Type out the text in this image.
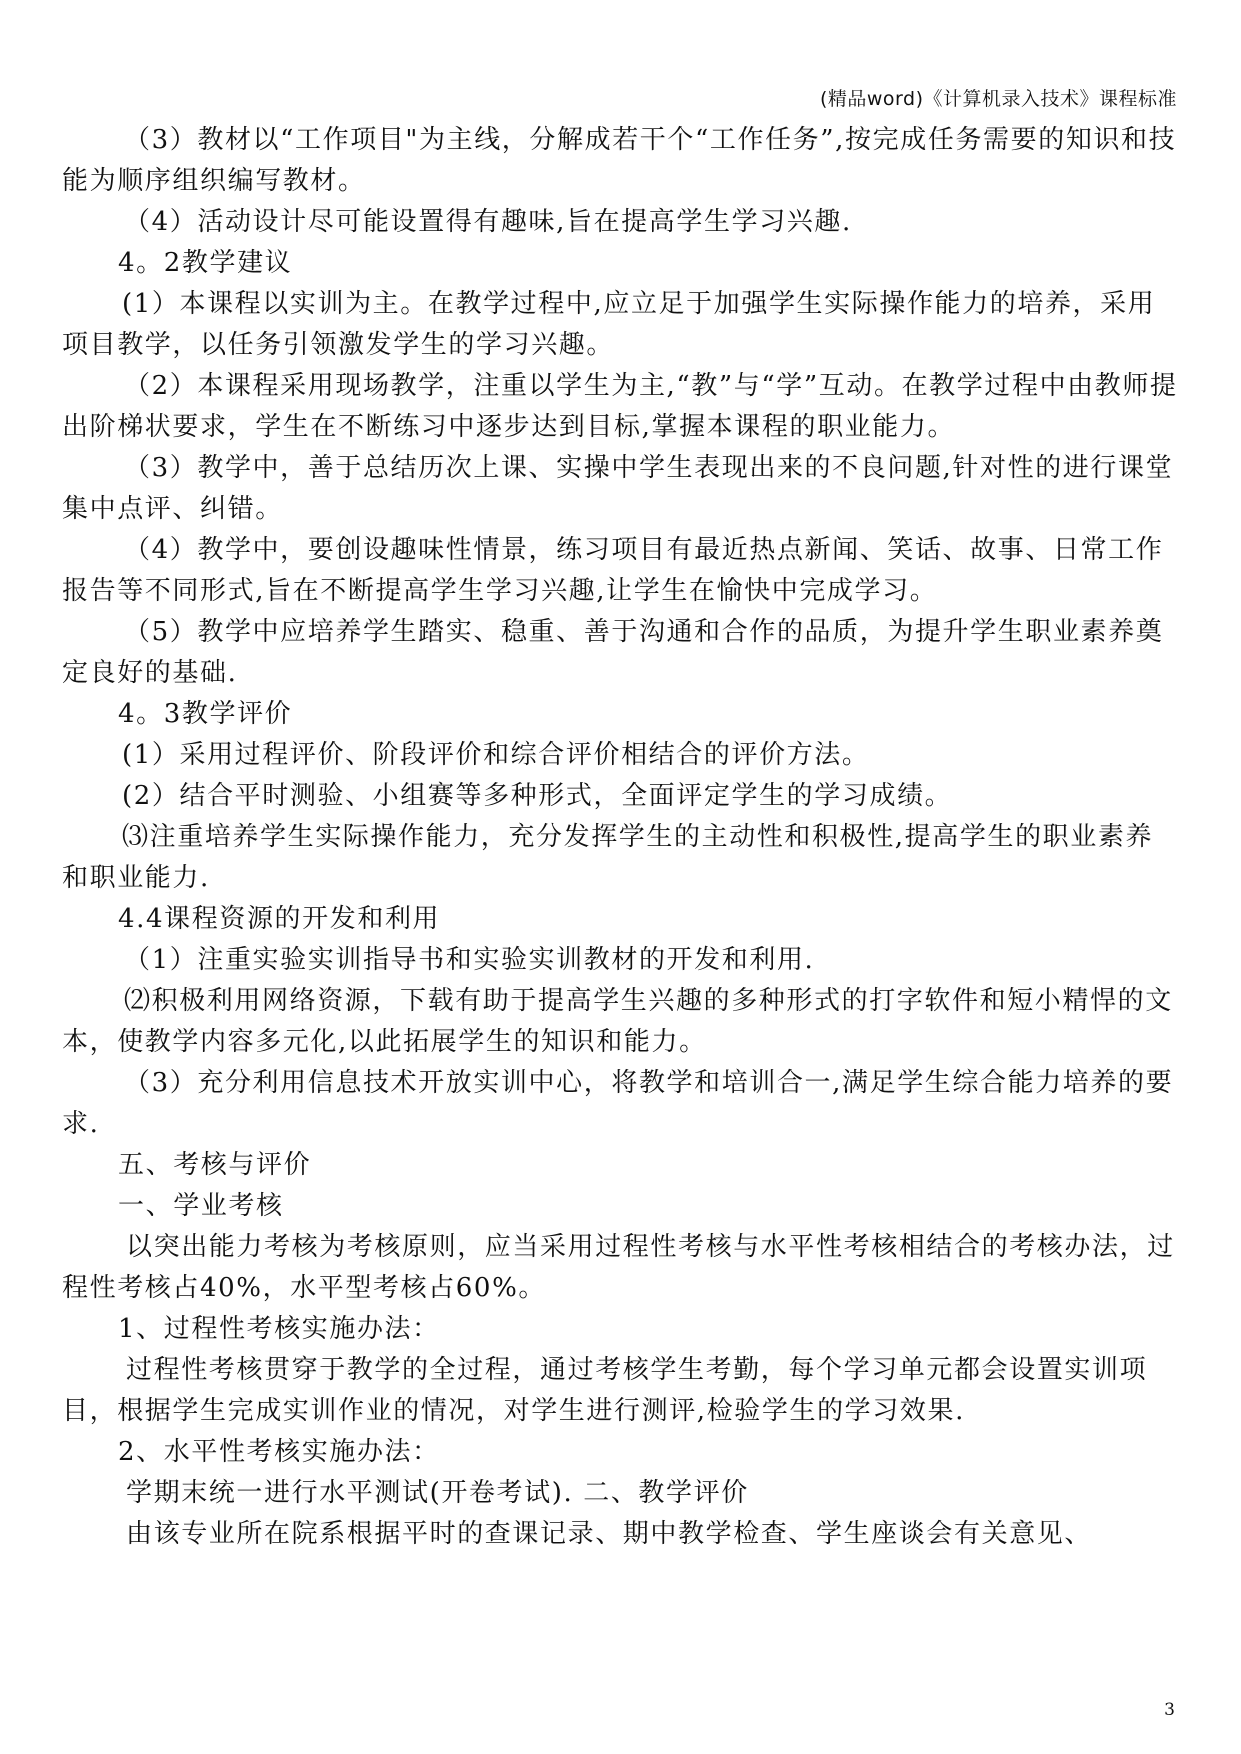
(精品word)《计算机录入技术》课程标准

（3）教材以“工作项目"为主线，分解成若干个“工作任务”,按完成任务需要的知识和技能为顺序组织编写教材。

（4）活动设计尽可能设置得有趣味,旨在提高学生学习兴趣.

4。2教学建议

(1）本课程以实训为主。在教学过程中,应立足于加强学生实际操作能力的培养，采用项目教学，以任务引领激发学生的学习兴趣。

（2）本课程采用现场教学，注重以学生为主,“教”与“学”互动。在教学过程中由教师提出阶梯状要求，学生在不断练习中逐步达到目标,掌握本课程的职业能力。

（3）教学中，善于总结历次上课、实操中学生表现出来的不良问题,针对性的进行课堂集中点评、纠错。

（4）教学中，要创设趣味性情景，练习项目有最近热点新闻、笑话、故事、日常工作报告等不同形式,旨在不断提高学生学习兴趣,让学生在愉快中完成学习。

（5）教学中应培养学生踏实、稳重、善于沟通和合作的品质，为提升学生职业素养奠定良好的基础.

4。3教学评价

(1）采用过程评价、阶段评价和综合评价相结合的评价方法。

(2）结合平时测验、小组赛等多种形式，全面评定学生的学习成绩。

⑶注重培养学生实际操作能力，充分发挥学生的主动性和积极性,提高学生的职业素养和职业能力.

4.4课程资源的开发和利用

（1）注重实验实训指导书和实验实训教材的开发和利用.

⑵积极利用网络资源，下载有助于提高学生兴趣的多种形式的打字软件和短小精悍的文本，使教学内容多元化,以此拓展学生的知识和能力。

（3）充分利用信息技术开放实训中心，将教学和培训合一,满足学生综合能力培养的要求.

五、考核与评价

一、学业考核

以突出能力考核为考核原则，应当采用过程性考核与水平性考核相结合的考核办法，过程性考核占40%，水平型考核占60%。

1、过程性考核实施办法：

过程性考核贯穿于教学的全过程，通过考核学生考勤，每个学习单元都会设置实训项目，根据学生完成实训作业的情况，对学生进行测评,检验学生的学习效果.

2、水平性考核实施办法：

学期末统一进行水平测试(开卷考试). 二、教学评价

由该专业所在院系根据平时的查课记录、期中教学检查、学生座谈会有关意见、

3
